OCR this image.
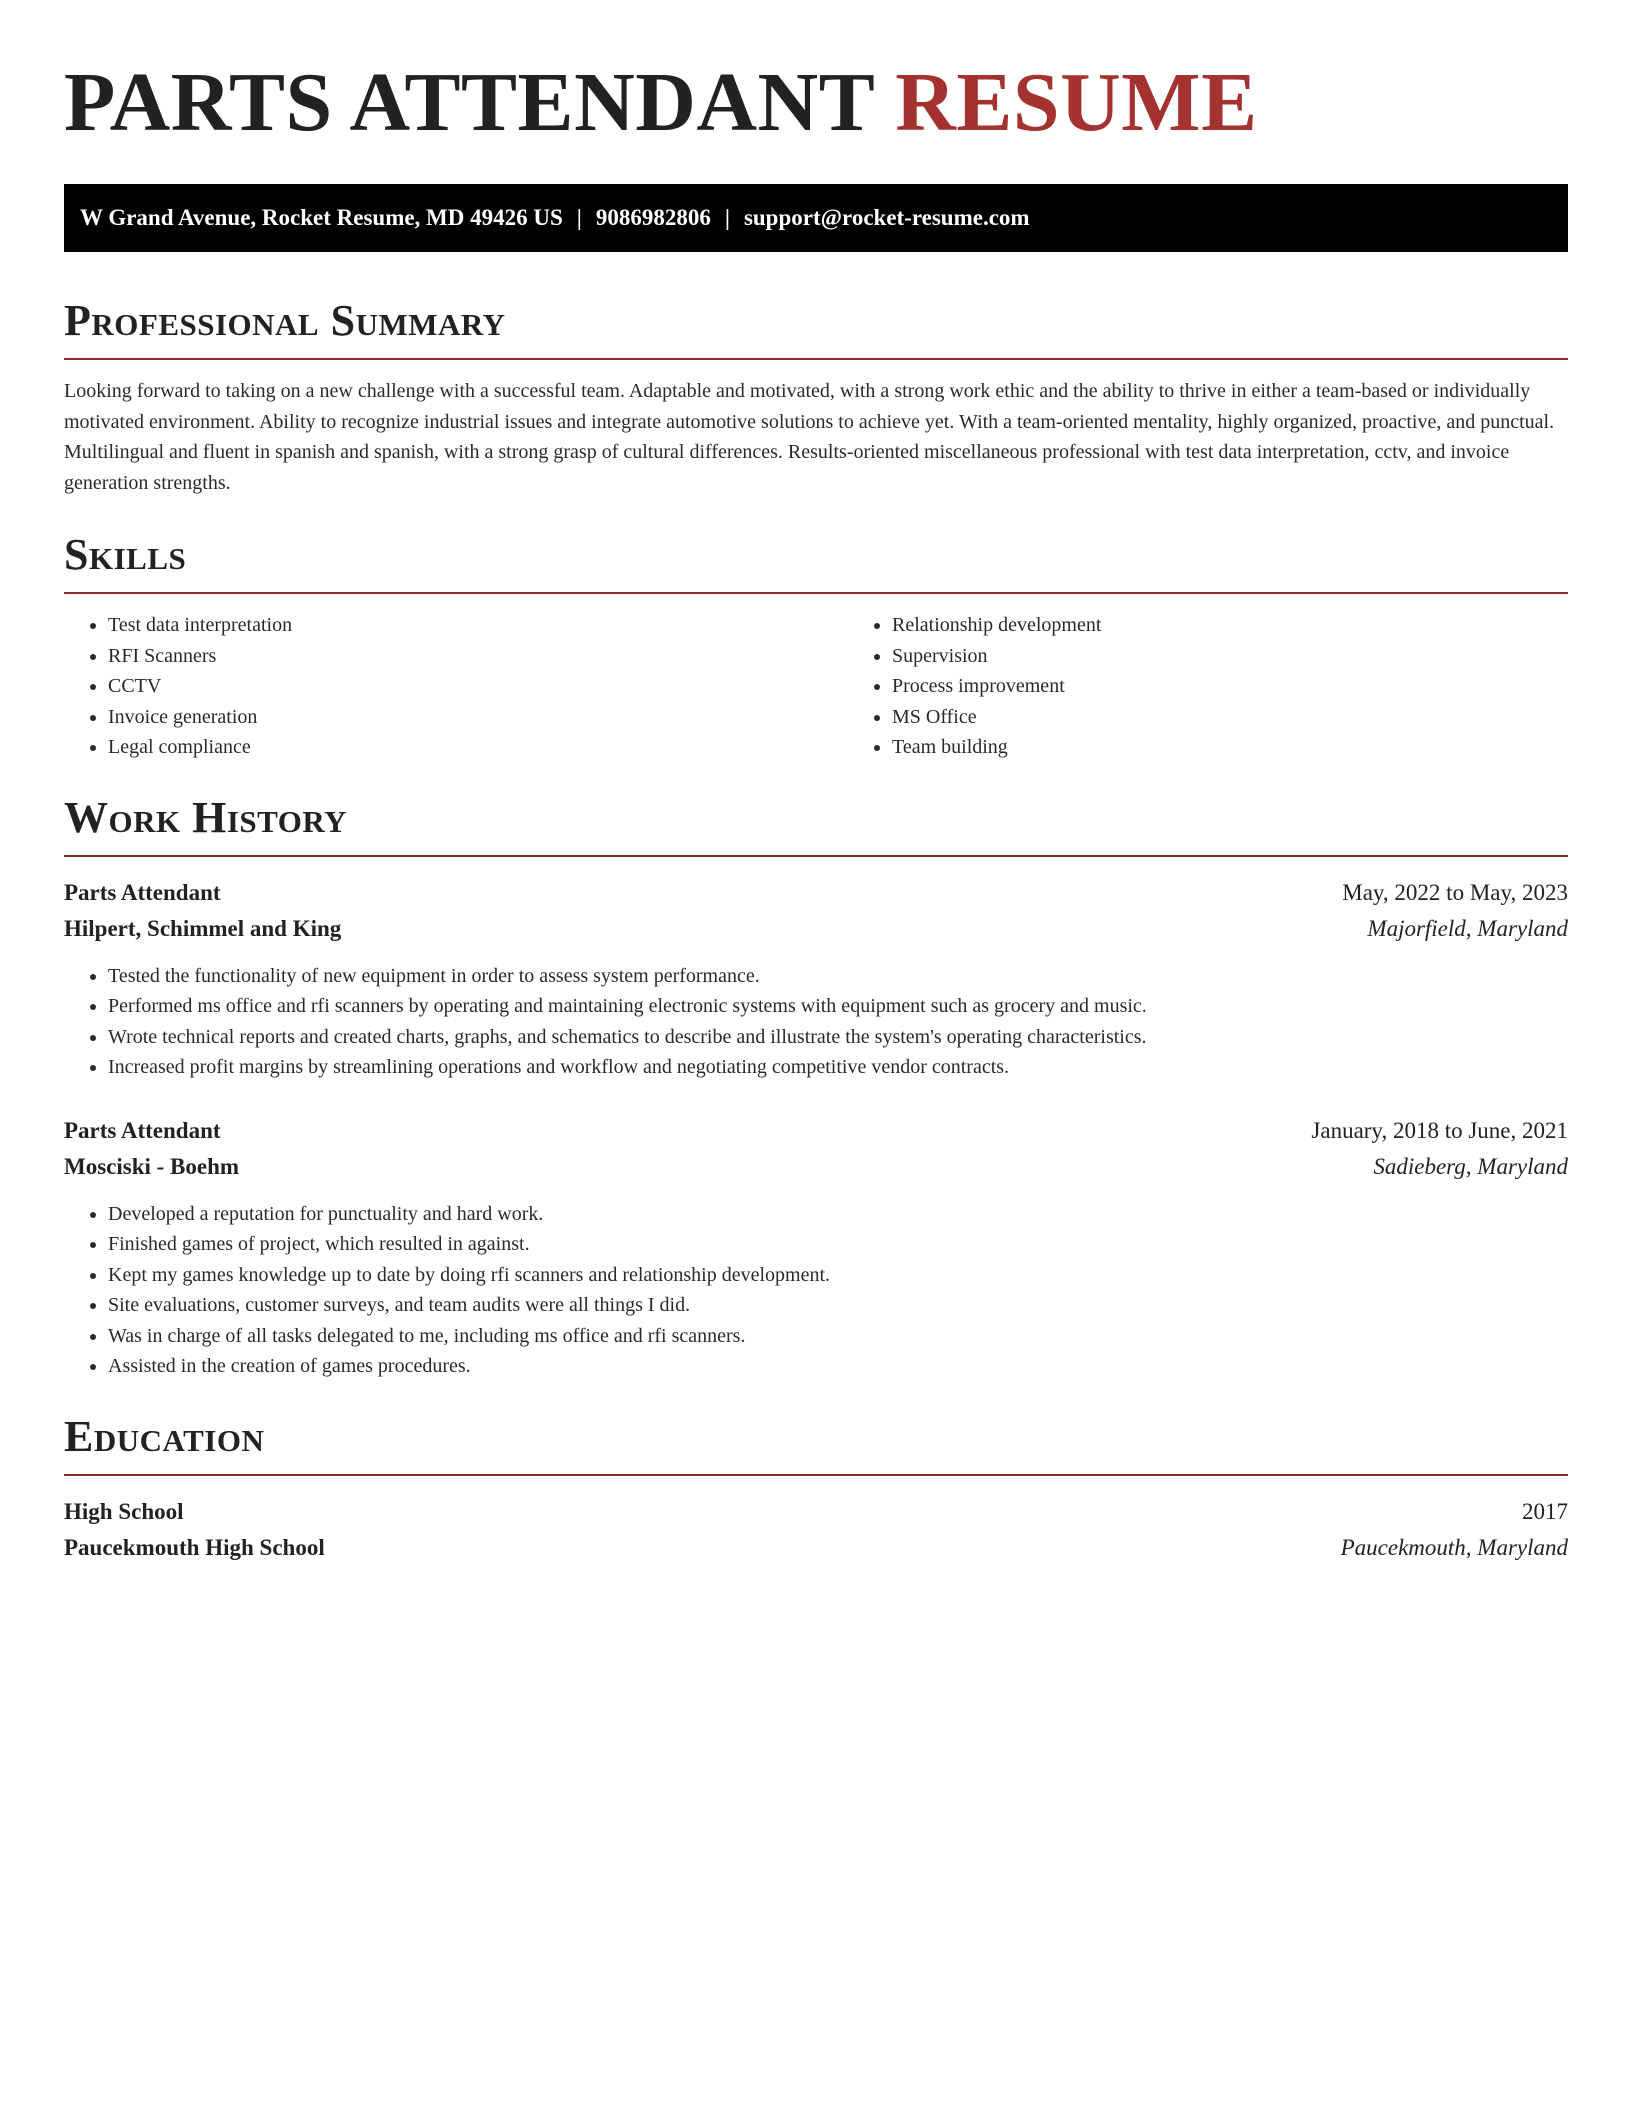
PARTS ATTENDANT RESUME
W Grand Avenue, Rocket Resume, MD 49426 US | 9086982806 | support@rocket-resume.com
Professional Summary

Looking forward to taking on a new challenge with a successful team. Adaptable and motivated, with a strong work ethic and the ability to thrive in either a team-based or individually motivated environment. Ability to recognize industrial issues and integrate automotive solutions to achieve yet. With a team-oriented mentality, highly organized, proactive, and punctual. Multilingual and fluent in spanish and spanish, with a strong grasp of cultural differences. Results-oriented miscellaneous professional with test data interpretation, cctv, and invoice generation strengths.

Skills
• Test data interpretation
• RFI Scanners
• CCTV
• Invoice generation
• Legal compliance
• Relationship development
• Supervision
• Process improvement
• MS Office
• Team building
Work History
Parts Attendant	May, 2022 to May, 2023
Hilpert, Schimmel and King	Majorfield, Maryland
• Tested the functionality of new equipment in order to assess system performance.
• Performed ms office and rfi scanners by operating and maintaining electronic systems with equipment such as grocery and music.
• Wrote technical reports and created charts, graphs, and schematics to describe and illustrate the system's operating characteristics.
• Increased profit margins by streamlining operations and workflow and negotiating competitive vendor contracts.
Parts Attendant	January, 2018 to June, 2021
Mosciski - Boehm	Sadieberg, Maryland
• Developed a reputation for punctuality and hard work.
• Finished games of project, which resulted in against.
• Kept my games knowledge up to date by doing rfi scanners and relationship development.
• Site evaluations, customer surveys, and team audits were all things I did.
• Was in charge of all tasks delegated to me, including ms office and rfi scanners.
• Assisted in the creation of games procedures.
Education
High School	2017
Paucekmouth High School	Paucekmouth, Maryland
